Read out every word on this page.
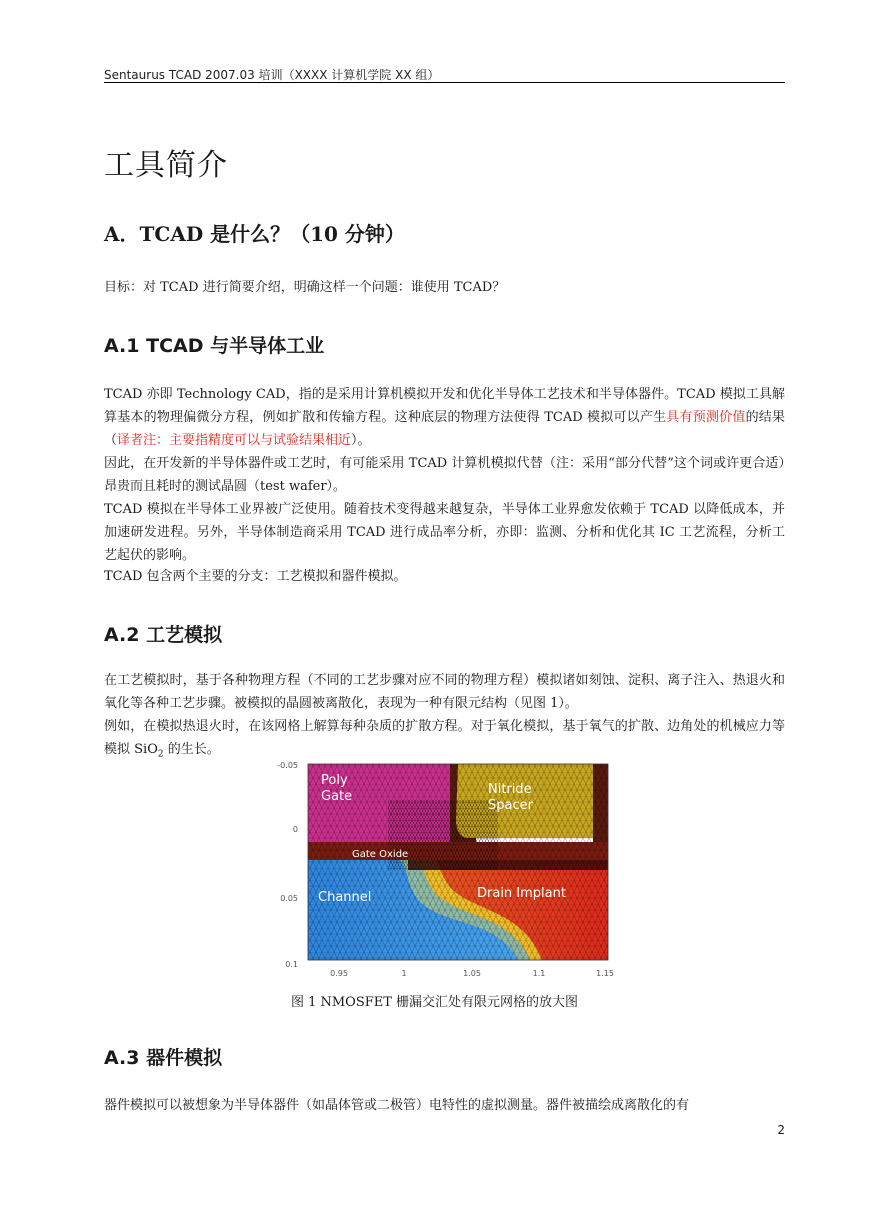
Sentaurus TCAD 2007.03 培训（XXXX 计算机学院 XX 组）
工具简介
A．TCAD 是什么？（10 分钟）

目标：对 TCAD 进行简要介绍，明确这样一个问题：谁使用 TCAD？

A.1 TCAD 与半导体工业

TCAD 亦即 Technology CAD，指的是采用计算机模拟开发和优化半导体工艺技术和半导体器件。TCAD 模拟工具解算基本的物理偏微分方程，例如扩散和传输方程。这种底层的物理方法使得 TCAD 模拟可以产生具有预测价值的结果（译者注：主要指精度可以与试验结果相近）。

因此，在开发新的半导体器件或工艺时，有可能采用 TCAD 计算机模拟代替（注：采用“部分代替”这个词或许更合适）昂贵而且耗时的测试晶圆（test wafer）。

TCAD 模拟在半导体工业界被广泛使用。随着技术变得越来越复杂，半导体工业界愈发依赖于 TCAD 以降低成本，并加速研发进程。另外，半导体制造商采用 TCAD 进行成品率分析，亦即：监测、分析和优化其 IC 工艺流程，分析工艺起伏的影响。

TCAD 包含两个主要的分支：工艺模拟和器件模拟。

A.2 工艺模拟

在工艺模拟时，基于各种物理方程（不同的工艺步骤对应不同的物理方程）模拟诸如刻蚀、淀积、离子注入、热退火和氧化等各种工艺步骤。被模拟的晶圆被离散化，表现为一种有限元结构（见图 1）。

例如，在模拟热退火时，在该网格上解算每种杂质的扩散方程。对于氧化模拟，基于氧气的扩散、边角处的机械应力等模拟 SiO$_2$ 的生长。

Poly
Gate	Nitride
Spacer
Gate Oxide
Channel	Drain Implant
-0.05
0
0.05
0.1
0.95	1	1.05	1.1	1.15
图 1 NMOSFET 栅漏交汇处有限元网格的放大图
A.3 器件模拟

器件模拟可以被想象为半导体器件（如晶体管或二极管）电特性的虚拟测量。器件被描绘成离散化的有

2
